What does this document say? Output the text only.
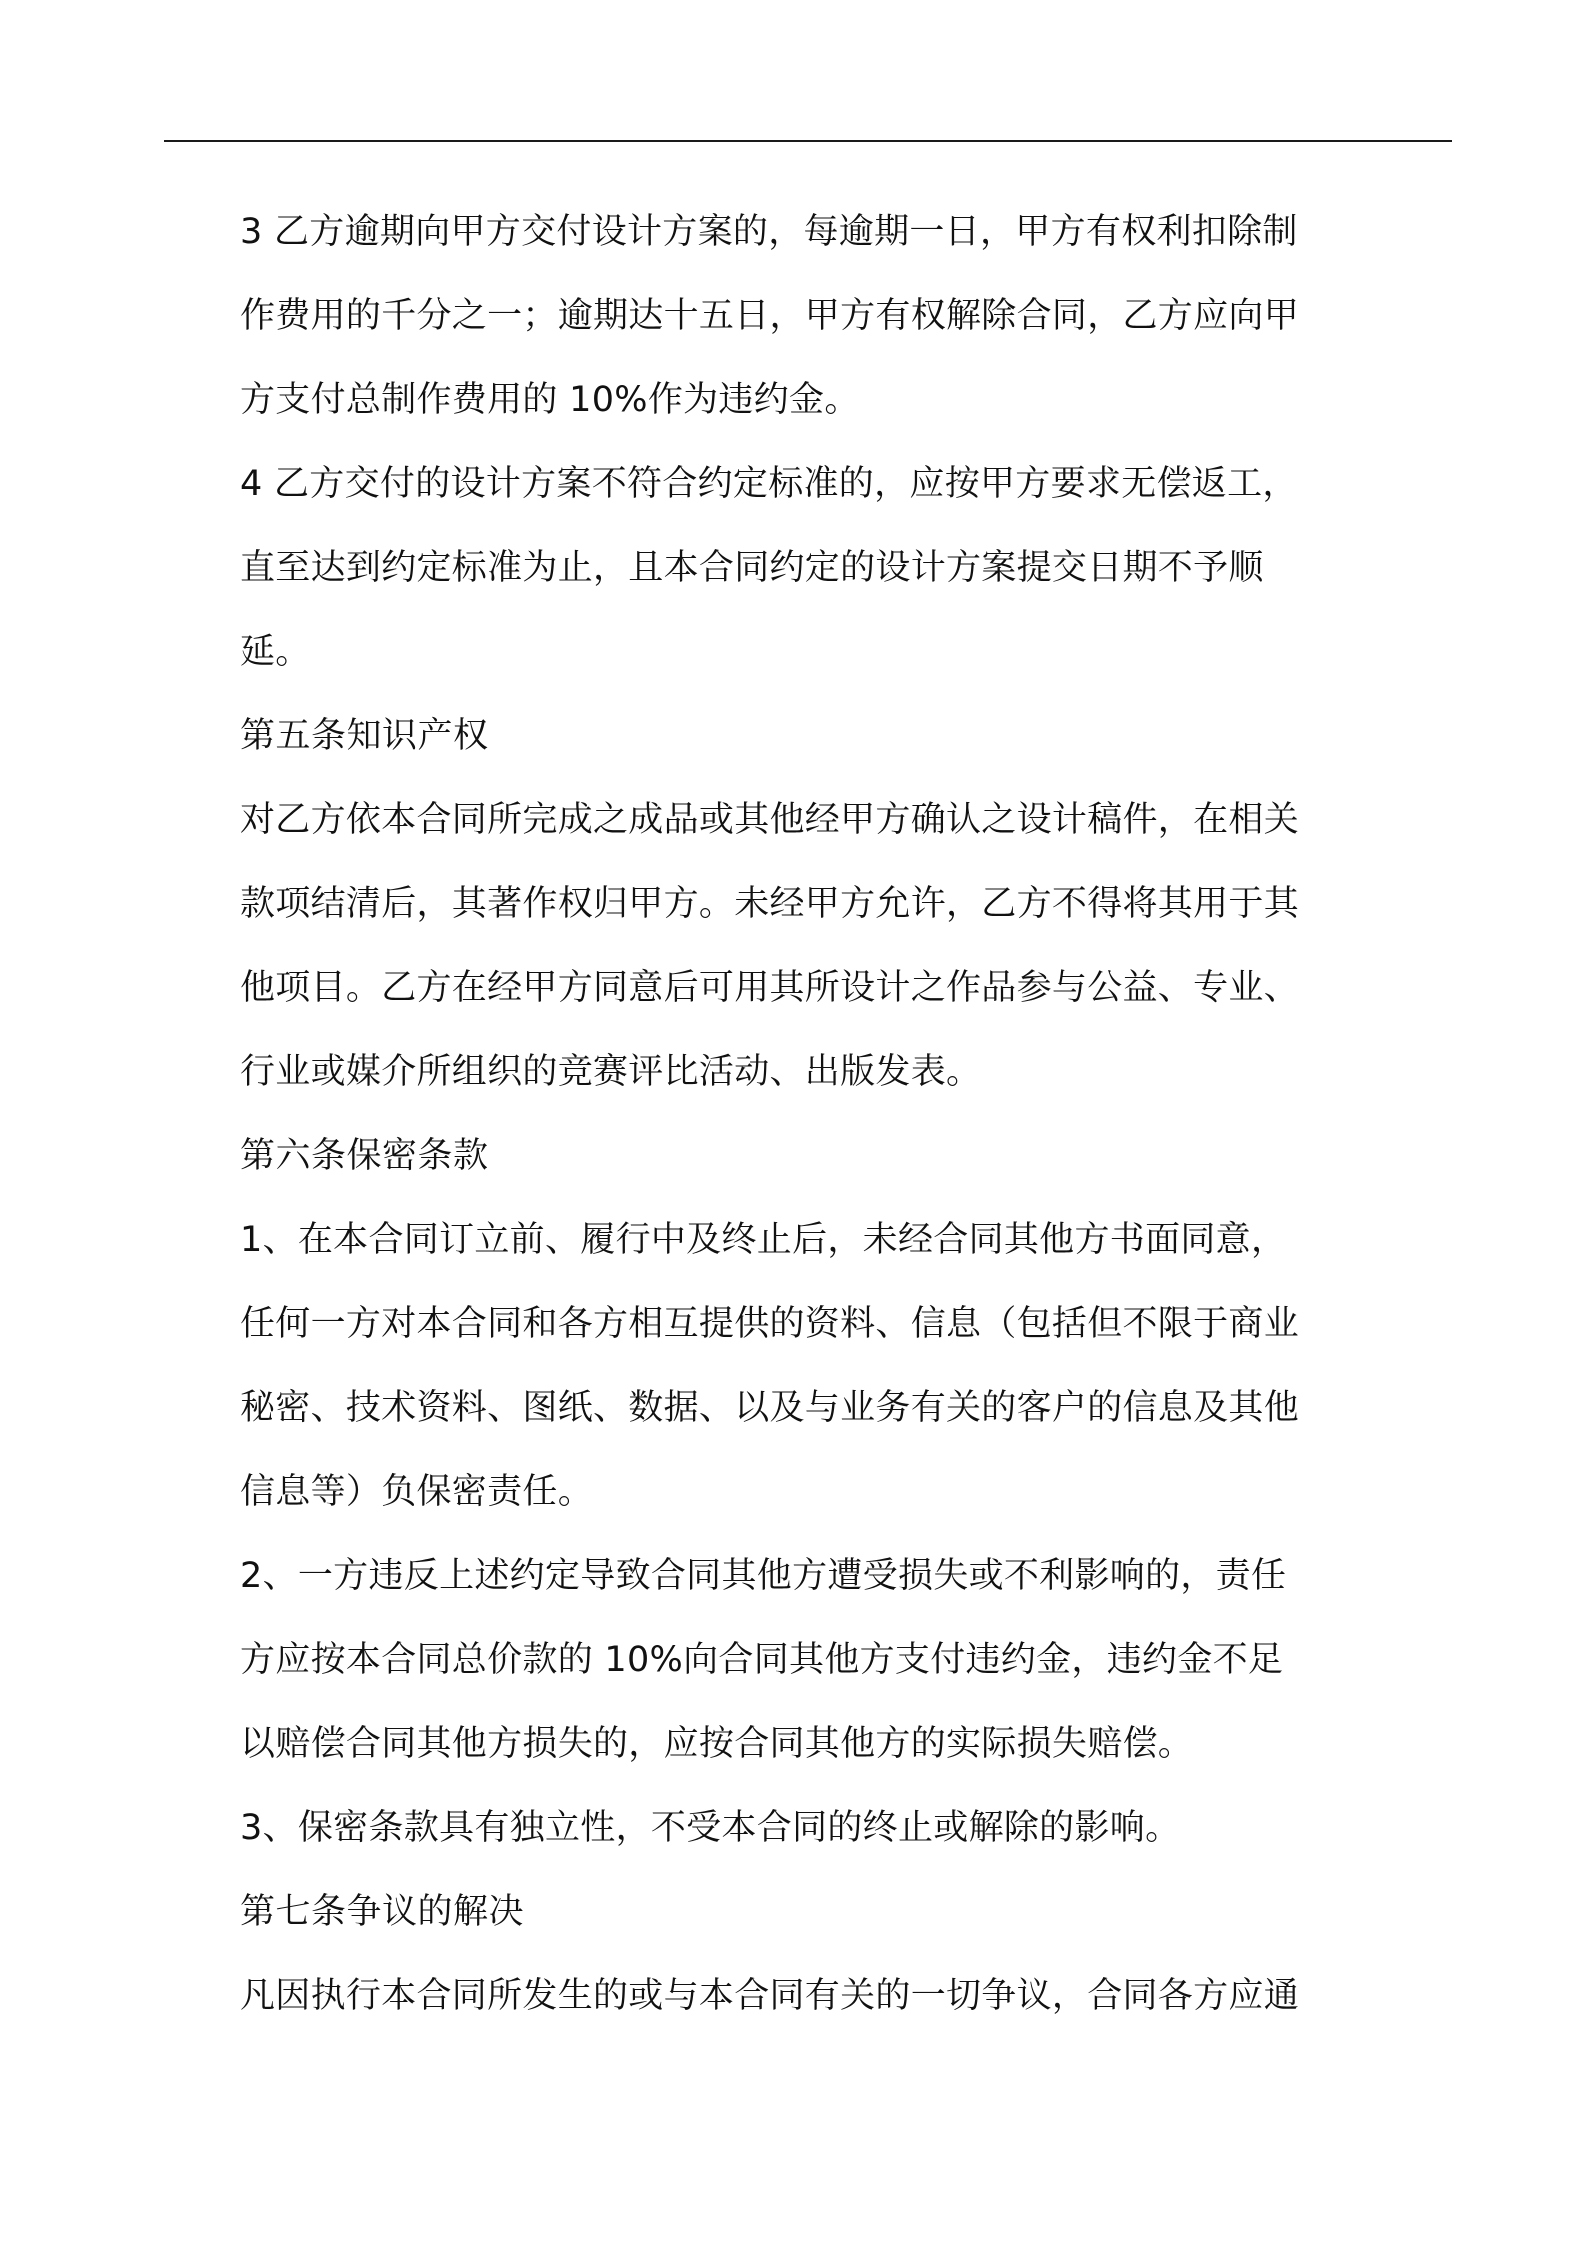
3 乙方逾期向甲方交付设计方案的，每逾期一日，甲方有权利扣除制
作费用的千分之一；逾期达十五日，甲方有权解除合同，乙方应向甲
方支付总制作费用的 10%作为违约金。
4 乙方交付的设计方案不符合约定标准的，应按甲方要求无偿返工，
直至达到约定标准为止，且本合同约定的设计方案提交日期不予顺
延。
第五条知识产权
对乙方依本合同所完成之成品或其他经甲方确认之设计稿件，在相关
款项结清后，其著作权归甲方。未经甲方允许，乙方不得将其用于其
他项目。乙方在经甲方同意后可用其所设计之作品参与公益、专业、
行业或媒介所组织的竞赛评比活动、出版发表。
第六条保密条款
1、在本合同订立前、履行中及终止后，未经合同其他方书面同意，
任何一方对本合同和各方相互提供的资料、信息（包括但不限于商业
秘密、技术资料、图纸、数据、以及与业务有关的客户的信息及其他
信息等）负保密责任。
2、一方违反上述约定导致合同其他方遭受损失或不利影响的，责任
方应按本合同总价款的 10%向合同其他方支付违约金，违约金不足
以赔偿合同其他方损失的，应按合同其他方的实际损失赔偿。
3、保密条款具有独立性，不受本合同的终止或解除的影响。
第七条争议的解决
凡因执行本合同所发生的或与本合同有关的一切争议，合同各方应通
